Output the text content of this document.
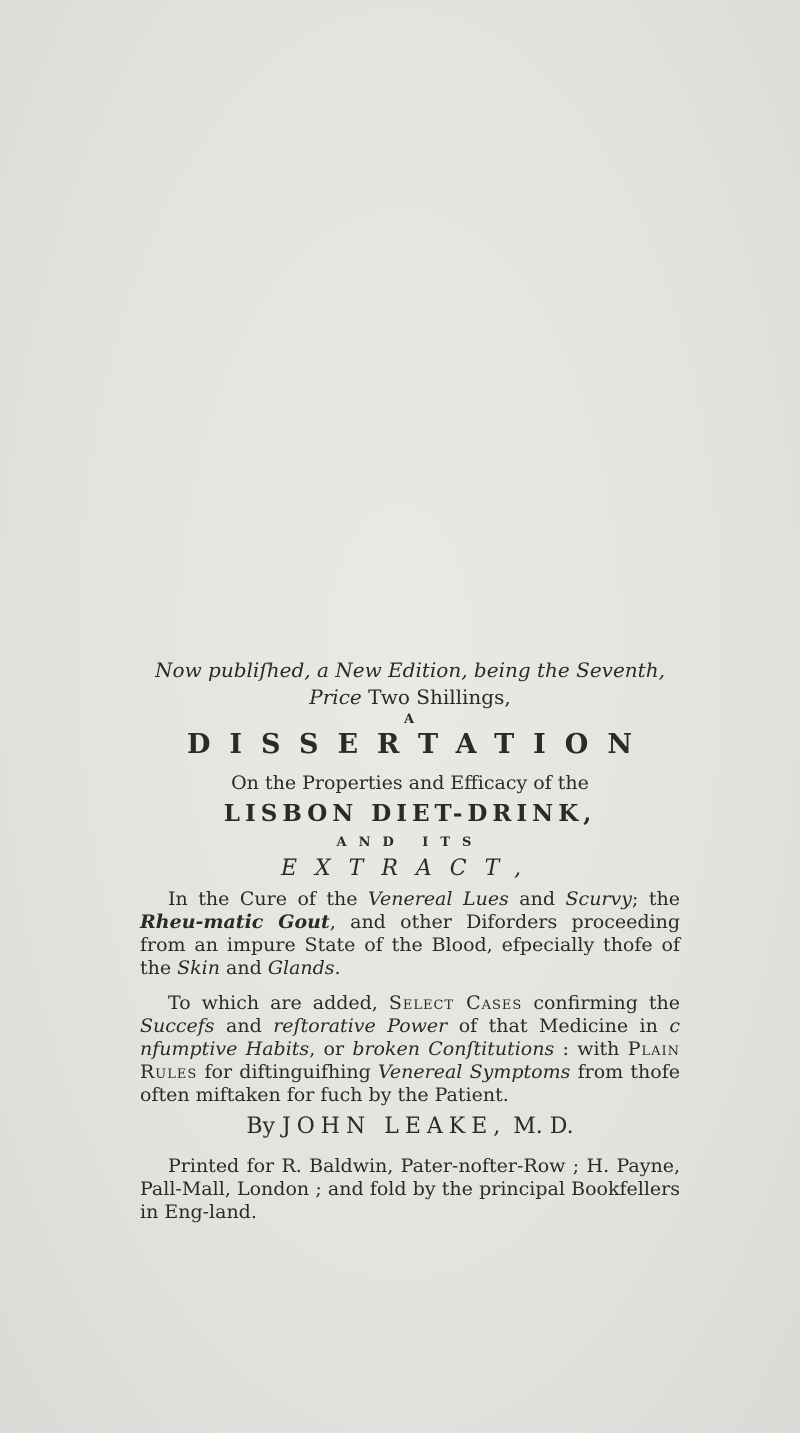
Now publiſhed, a New Edition, being the Seventh,
Price Two Shillings,
A
DISSERTATION
On the Properties and Efficacy of the
LISBON DIET-DRINK,
AND ITS
EXTRACT,
In the Cure of the Venereal Lues and Scurvy; the Rheu-matic Gout, and other Diforders proceeding from an impure State of the Blood, efpecially thofe of the Skin and Glands.
To which are added, Select Cases confirming the Succefs and reſtorative Power of that Medicine in c nfumptive Habits, or broken Conſtitutions : with Plain Rules for diftinguifhing Venereal Symptoms from thofe often miftaken for fuch by the Patient.
By JOHN LEAKE, M. D.
Printed for R. Baldwin, Pater-nofter-Row ; H. Payne, Pall-Mall, London ; and fold by the principal Bookfellers in Eng-land.
